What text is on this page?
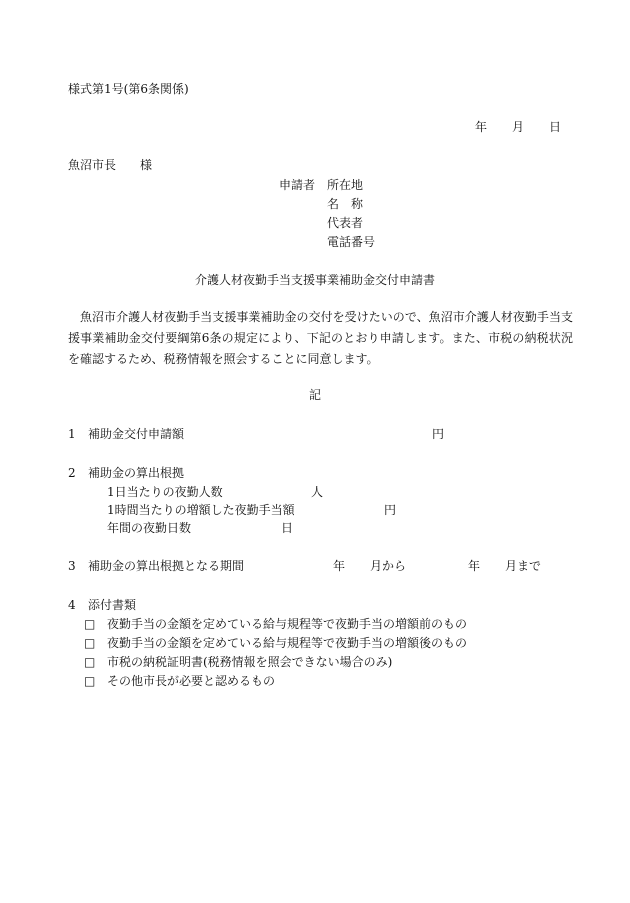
様式第1号(第6条関係)
年 月 日
魚沼市長　　様
申請者 所在地
名　称
代表者
電話番号
介護人材夜勤手当支援事業補助金交付申請書
魚沼市介護人材夜勤手当支援事業補助金の交付を受けたいので、魚沼市介護人材夜勤手当支援事業補助金交付要綱第6条の規定により、下記のとおり申請します。また、市税の納税状況を確認するため、税務情報を照会することに同意します。
記
1 補助金交付申請額	円
2 補助金の算出根拠
1日当たりの夜勤人数	人
1時間当たりの増額した夜勤手当額	円
年間の夜勤日数	日
3 補助金の算出根拠となる期間	年 月から	年 月まで
4 添付書類
□ 夜勤手当の金額を定めている給与規程等で夜勤手当の増額前のもの
□ 夜勤手当の金額を定めている給与規程等で夜勤手当の増額後のもの
□ 市税の納税証明書(税務情報を照会できない場合のみ)
□ その他市長が必要と認めるもの
